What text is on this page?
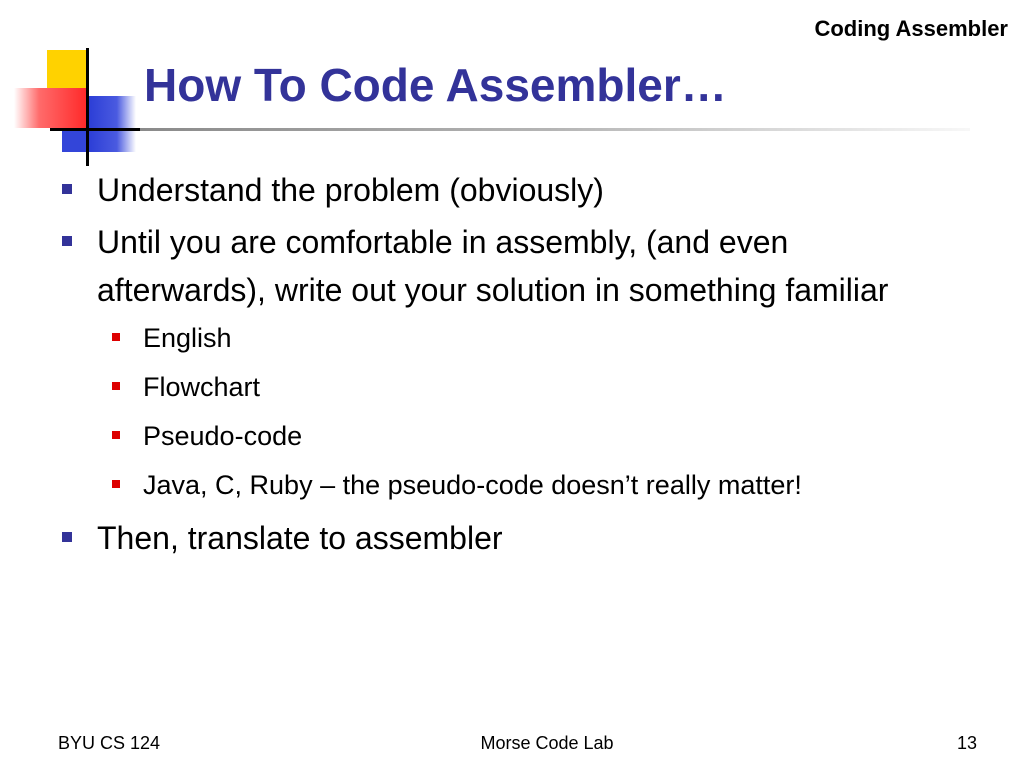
Coding Assembler
How To Code Assembler…
Understand the problem (obviously)
Until you are comfortable in assembly, (and even afterwards), write out your solution in something familiar
English
Flowchart
Pseudo-code
Java, C, Ruby – the pseudo-code doesn’t really matter!
Then, translate to assembler
BYU CS 124	Morse Code Lab	13
